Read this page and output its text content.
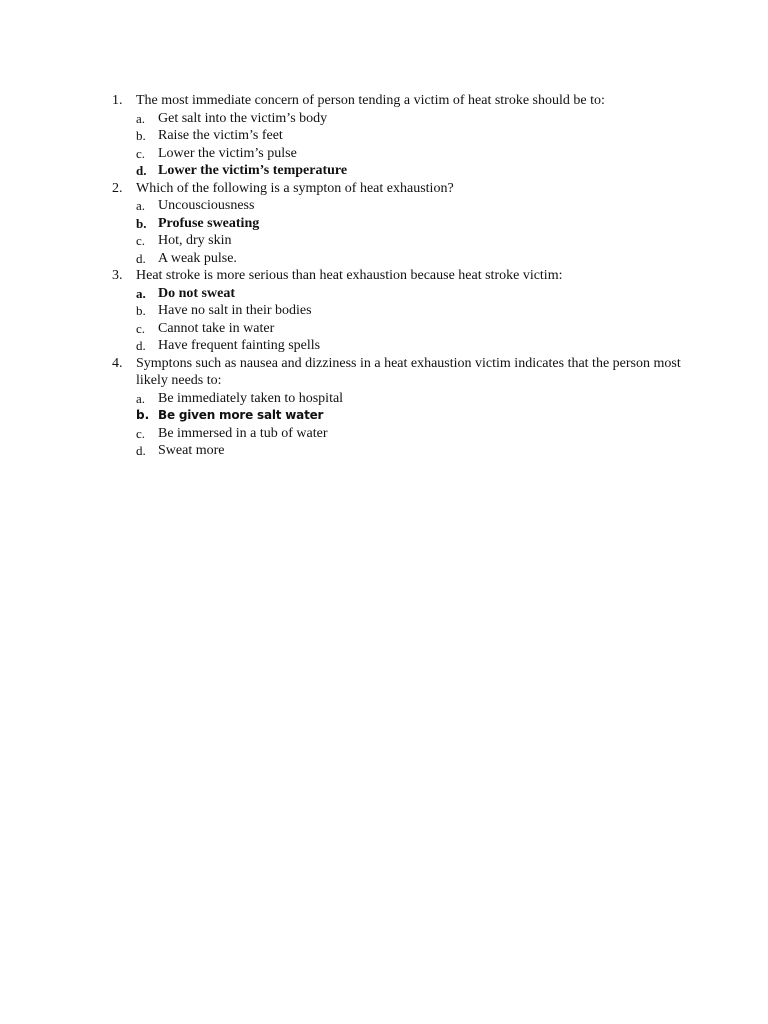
1. The most immediate concern of person tending a victim of heat stroke should be to:
a. Get salt into the victim’s body
b. Raise the victim’s feet
c. Lower the victim’s pulse
d. Lower the victim’s temperature
2. Which of the following is a sympton of heat exhaustion?
a. Uncousciousness
b. Profuse sweating
c. Hot, dry skin
d. A weak pulse.
3. Heat stroke is more serious than heat exhaustion because heat stroke victim:
a. Do not sweat
b. Have no salt in their bodies
c. Cannot take in water
d. Have frequent fainting spells
4. Symptons such as nausea and dizziness in a heat exhaustion victim indicates that the person most likely needs to:
a. Be immediately taken to hospital
b. Be given more salt water
c. Be immersed in a tub of water
d. Sweat more
